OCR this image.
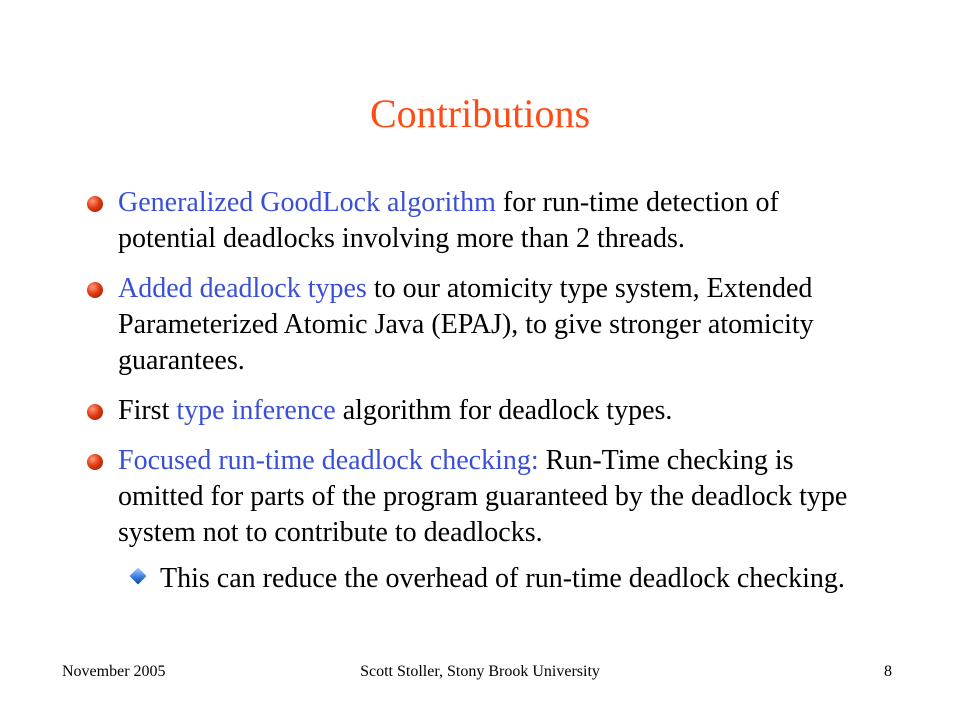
Contributions
Generalized GoodLock algorithm for run-time detection of potential deadlocks involving more than 2 threads.
Added deadlock types to our atomicity type system, Extended Parameterized Atomic Java (EPAJ), to give stronger atomicity guarantees.
First type inference algorithm for deadlock types.
Focused run-time deadlock checking: Run-Time checking is omitted for parts of the program guaranteed by the deadlock type system not to contribute to deadlocks.
This can reduce the overhead of run-time deadlock checking.
November 2005	Scott Stoller, Stony Brook University	8
